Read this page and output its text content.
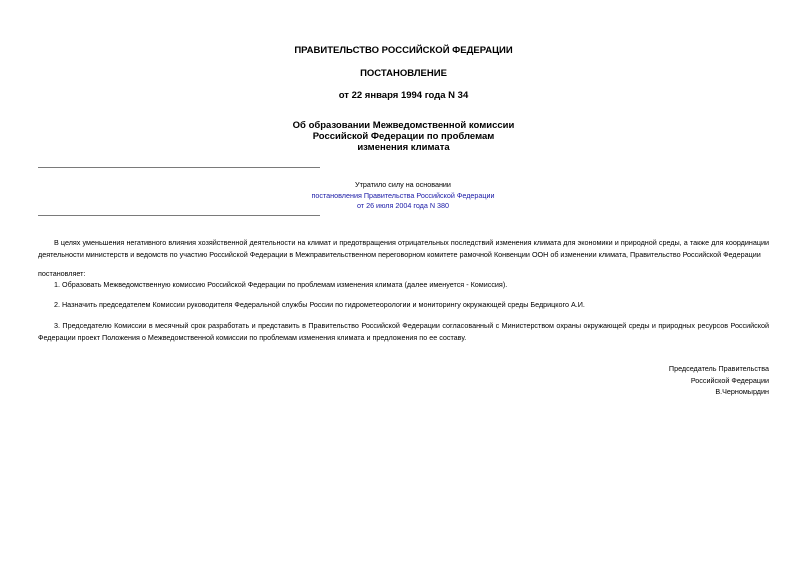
ПРАВИТЕЛЬСТВО РОССИЙСКОЙ ФЕДЕРАЦИИ
ПОСТАНОВЛЕНИЕ
от 22 января 1994 года N 34
Об образовании Межведомственной комиссии
Российской Федерации по проблемам
изменения климата
Утратило силу на основании
постановления Правительства Российской Федерации
от 26 июля 2004 года N 380

В целях уменьшения негативного влияния хозяйственной деятельности на климат и предотвращения отрицательных последствий изменения климата для экономики и природной среды, а также для координации деятельности министерств и ведомств по участию Российской Федерации в Межправительственном переговорном комитете рамочной Конвенции ООН об изменении климата, Правительство Российской Федерации

постановляет:

1. Образовать Межведомственную комиссию Российской Федерации по проблемам изменения климата (далее именуется - Комиссия).

2. Назначить председателем Комиссии руководителя Федеральной службы России по гидрометеорологии и мониторингу окружающей среды Бедрицкого А.И.

3. Председателю Комиссии в месячный срок разработать и представить в Правительство Российской Федерации согласованный с Министерством охраны окружающей среды и природных ресурсов Российской Федерации проект Положения о Межведомственной комиссии по проблемам изменения климата и предложения по ее составу.

Председатель Правительства
Российской Федерации
В.Черномырдин
